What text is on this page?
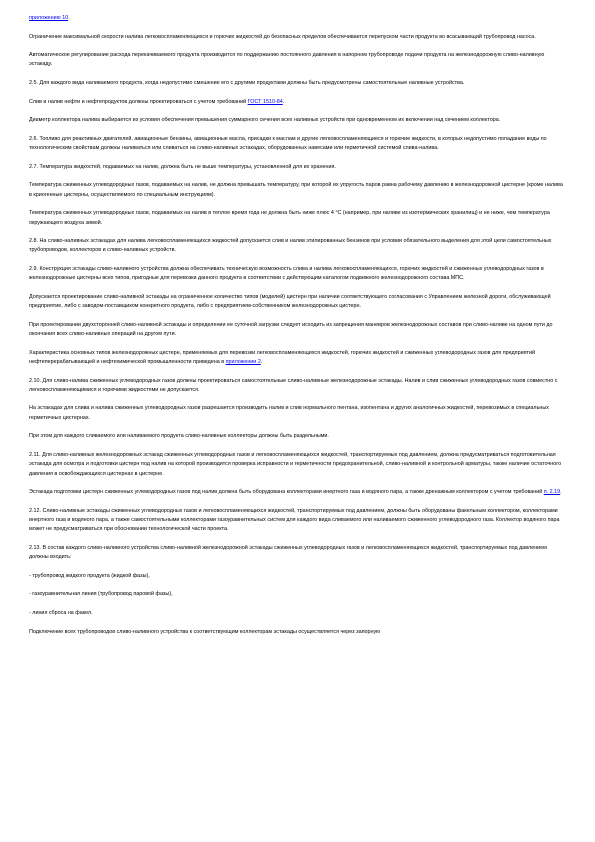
приложению 10.

Ограничение максимальной скорости налива легковоспламеняющихся и горючих жидкостей до безопасных пределов обеспечивается перепуском части продукта во всасывающий трубопровод насоса.

Автоматическое регулирование расхода перекачиваемого продукта производится по поддержанию постоянного давления в напорном трубопроводе подачи продукта на железнодорожную сливо-наливную эстакаду.

2.5. Для каждого вида наливаемого продукта, когда недопустимо смешение его с другими продуктами должны быть предусмотрены самостоятельные наливные устройства.

Слив и налив нефти и нефтепродуктов должны проектироваться с учетом требований ГОСТ 1510-84.

Диаметр коллектора налива выбирается из условия обеспечения превышения суммарного сечения всех наливных устройств при одновременном их включении над сечением коллектора.

2.6. Топливо для реактивных двигателей, авиационные бензины, авиационные масла, присадки к маслам и другие легковоспламеняющиеся и горючие жидкости, в которых недопустимо попадание воды по технологическим свойствам должны наливаться или сливаться на сливо-наливных эстакадах, оборудованных навесами или герметичной системой слива-налива.

2.7. Температура жидкостей, подаваемых на налив, должна быть не выше температуры, установленной для их хранения.

Температура сжиженных углеводородных газов, подаваемых на налив, не должна превышать температуру, при которой их упругость паров равна рабочему давлению в железнодорожной цистерне (кроме налива в криогенные цистерны, осуществляемого по специальным инструкциям).

Температура сжиженных углеводородных газов, подаваемых на налив в теплое время года не должна быть ниже плюс 4 °С (например, при наливе из изотермических хранилищ) и не ниже, чем температура окружающего воздуха зимой.

2.8. На сливо-наливных эстакадах для налива легковоспламеняющихся жидкостей допускается слив и налив этилированных бензинов при условии обязательного выделения для этой цели самостоятельных трубопроводов, коллекторов и сливо-наливных устройств.

2.9. Конструкция эстакады сливо-наливного устройства должна обеспечивать техническую возможность слива и налива легковоспламеняющихся, горючих жидкостей и сжиженных углеводородных газов в железнодорожные цистерны всех типов, пригодные для перевозки данного продукта в соответствии с действующим каталогом подвижного железнодорожного состава МПС.

Допускается проектирование сливо-наливной эстакады на ограниченное количество типов (моделей) цистерн при наличии соответствующего согласования с Управлением железной дороги, обслуживающей предприятие, либо с заводом-поставщиком конкретного продукта, либо с предприятием-собственником железнодорожных цистерн.

При проектировании двухсторонней сливо-наливной эстакады и определении ее суточной загрузки следует исходить из запрещения маневров железнодорожных составов при сливо-наливе на одном пути до окончания всех сливо-наливных операций на другом пути.

Характеристика основных типов железнодорожных цистерн, применяемых для перевозки легковоспламеняющихся жидкостей, горючих жидкостей и сжиженных углеводородных газов для предприятий нефтеперерабатывающей и нефтехимической промышленности приведена в приложении 2.

2.10. Для сливо-налива сжиженных углеводородных газов должны проектироваться самостоятельные сливо-наливные железнодорожные эстакады. Налив и слив сжиженных углеводородных газов совместно с легковоспламеняющимися и горючими жидкостями не допускается.

На эстакадах для слива и налива сжиженных углеводородных газов разрешается производить налив и слив нормального пентана, изопентана и других аналогичных жидкостей, перевозимых в специальных герметичных цистернах.

При этом для каждого сливаемого или наливаемого продукта сливо-наливные коллекторы должны быть раздельными.

2.11. Для сливо-наливных железнодорожных эстакад сжиженных углеводородных газов и легковоспламеняющихся жидкостей, транспортируемых под давлением, должна предусматриваться подготовительная эстакада для осмотра и подготовки цистерн под налив на которой производится проверка исправности и герметичности предохранительной, сливо-наливной и контрольной арматуры, также наличие остаточного давления в освобождающихся цистернах в цистерне.

Эстакада подготовки цистерн сжиженных углеводородных газов под налив должна быть оборудована коллекторами инертного газа и водяного пара, а также дренажным коллектором с учетом требований п. 2.19.

2.12. Сливо-наливные эстакады сжиженных углеводородных газов и легковоспламеняющихся жидкостей, транспортируемых под давлением, должны быть оборудованы факельным коллектором, коллекторами инертного газа и водяного пара, а также самостоятельными коллекторами газоуравнительных систем для каждого вида сливаемого или наливаемого сжиженного углеводородного газа. Коллектор водяного пара может не предусматриваться при обосновании технологической части проекта.

2.13. В состав каждого сливо-наливного устройства сливо-наливной железнодорожной эстакады сжиженных углеводородных газов и легковоспламеняющихся жидкостей, транспортируемых под давлением должны входить:

- трубопровод жидкого продукта (жидкой фазы),

- газоуравнительная линия (трубопровод паровой фазы),

- линия сброса на факел.

Подключение всех трубопроводов сливо-наливного устройства к соответствующим коллекторам эстакады осуществляется через запорную
